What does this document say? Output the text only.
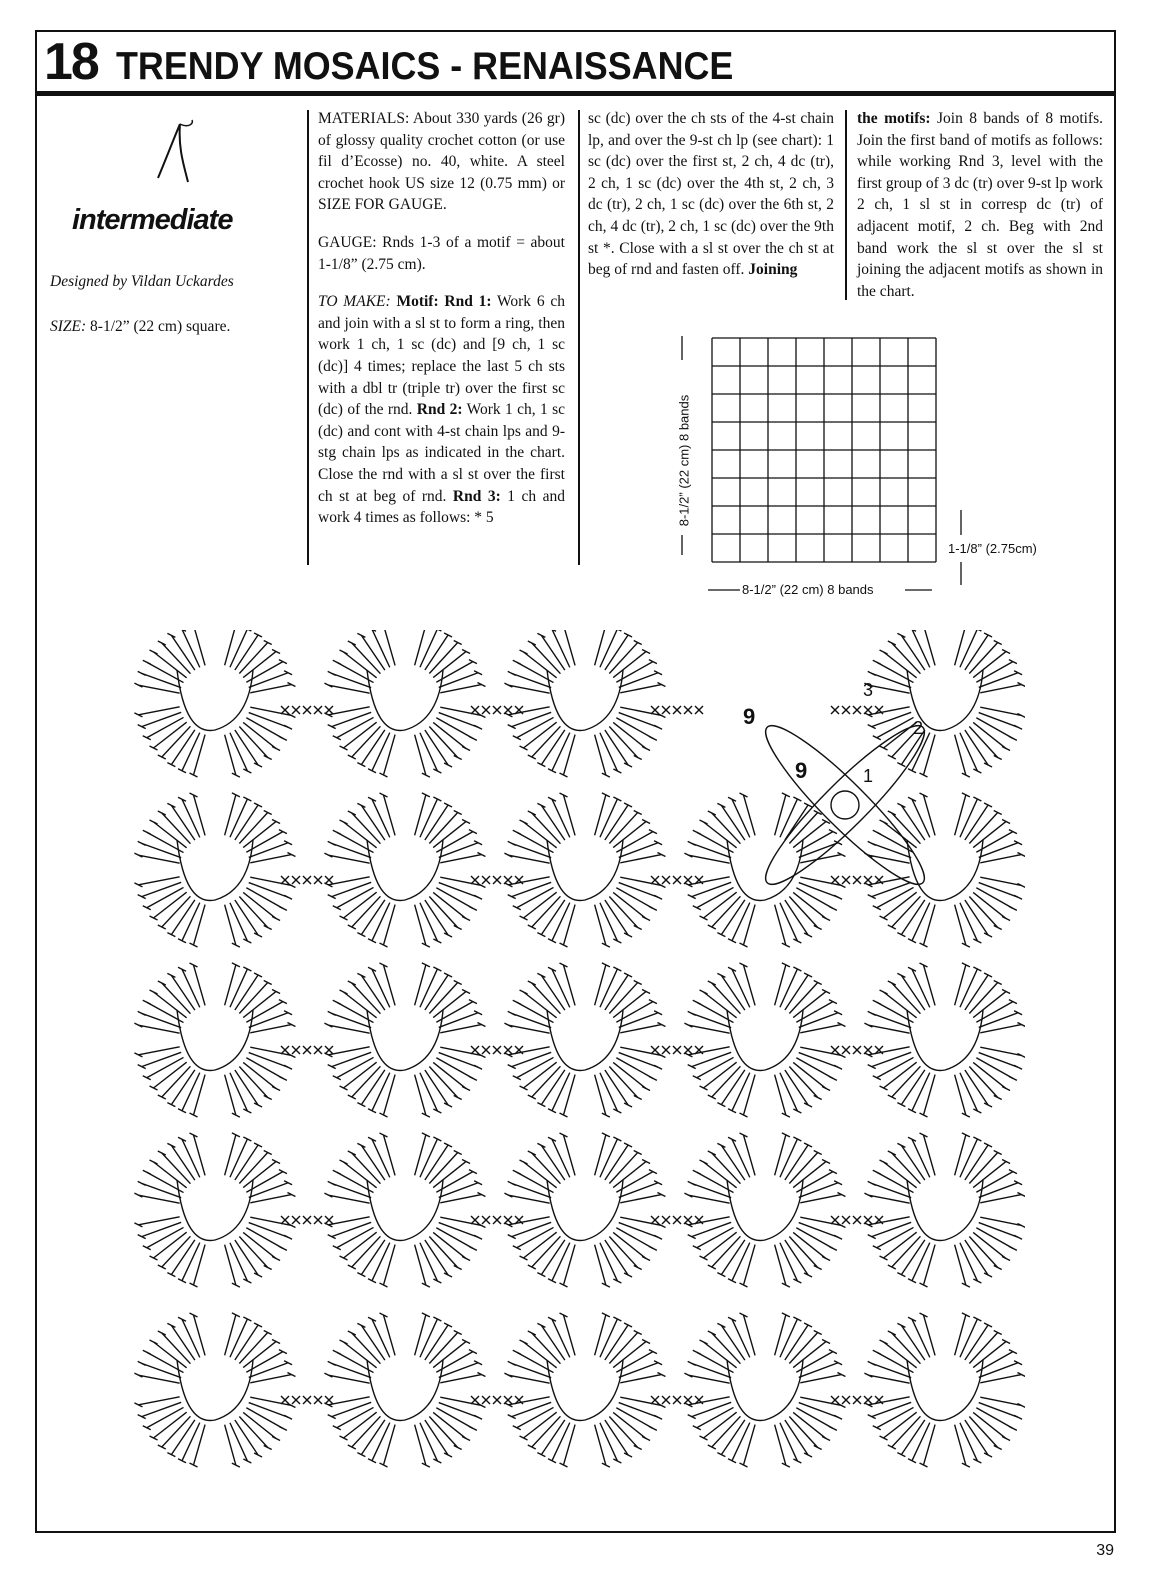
18 TRENDY MOSAICS - RENAISSANCE
intermediate
Designed by Vildan Uckardes
SIZE: 8-1/2” (22 cm) square.

MATERIALS: About 330 yards (26 gr) of glossy quality crochet cotton (or use fil d’Ecosse) no. 40, white. A steel crochet hook US size 12 (0.75 mm) or SIZE FOR GAUGE.

GAUGE: Rnds 1-3 of a motif = about 1-1/8” (2.75 cm).

TO MAKE: Motif: Rnd 1: Work 6 ch and join with a sl st to form a ring, then work 1 ch, 1 sc (dc) and [9 ch, 1 sc (dc)] 4 times; replace the last 5 ch sts with a dbl tr (triple tr) over the first sc (dc) of the rnd. Rnd 2: Work 1 ch, 1 sc (dc) and cont with 4-st chain lps and 9-stg chain lps as indicated in the chart. Close the rnd with a sl st over the first ch st at beg of rnd. Rnd 3: 1 ch and work 4 times as follows: * 5

sc (dc) over the ch sts of the 4-st chain lp, and over the 9-st ch lp (see chart): 1 sc (dc) over the first st, 2 ch, 4 dc (tr), 2 ch, 1 sc (dc) over the 4th st, 2 ch, 3 dc (tr), 2 ch, 1 sc (dc) over the 6th st, 2 ch, 4 dc (tr), 2 ch, 1 sc (dc) over the 9th st *. Close with a sl st over the ch st at beg of rnd and fasten off. Joining

the motifs: Join 8 bands of 8 motifs. Join the first band of motifs as follows: while working Rnd 3, level with the first group of 3 dc (tr) over 9-st lp work 2 ch, 1 sl st in corresp dc (tr) of adjacent motif, 2 ch. Beg with 2nd band work the sl st over the sl st joining the adjacent motifs as shown in the chart.

8-1/2” (22 cm) 8 bands
8-1/2” (22 cm) 8 bands
1-1/8” (2.75cm)
9
9	1
2
3
39
